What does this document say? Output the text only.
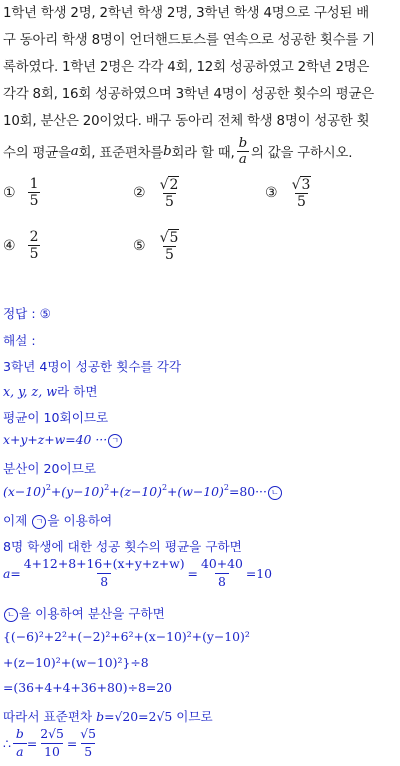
1학년 학생 2명, 2학년 학생 2명, 3학년 학생 4명으로 구성된 배
구 동아리 학생 8명이 언더핸드토스를 연속으로 성공한 횟수를 기
록하였다. 1학년 2명은 각각 4회, 12회 성공하였고 2학년 2명은
각각 8회, 16회 성공하였으며 3학년 4명이 성공한 횟수의 평균은
10회, 분산은 20이었다. 배구 동아리 전체 학생 8명이 성공한 횟
수의 평균을 a 회, 표준편차를 b 회라 할 때, $\frac{b}{a}$ 의 값을 구하시오.
① $\frac{1}{5}$	② $\frac{√ 2}{5}$	③ $\frac{√ 3}{5}$
④ $\frac{2}{5}$	⑤ $\frac{√ 5}{5}$
정답 : ⑤
해설 :
3학년 4명이 성공한 횟수를 각각
x, y, z, w라 하면
평균이 10회이므로
x+y+z+w=40 ··· ㄱ
분산이 20이므로
$(x-10)^2+(y-10)^2+(z-10)^2+(w-10)^2=80\cdot\cdot\cdot$ ㄴ
이제 ㄱ 을 이용하여
8명 학생에 대한 성공 횟수의 평균을 구하면
$a= \frac{4+12+8+16+(x+y+z+w)}{8} = \frac{40+40}{8} =10$
ㄴ 을 이용하여 분산을 구하면
{(−6)²+2²+(−2)²+6²+(x−10)²+(y−10)²
+(z−10)²+(w−10)²}÷8
=(36+4+4+36+80)÷8=20
따라서 표준편차 b=√20=2√5 이므로
∴ $\frac{b}{a} = \frac{2√5}{10} = \frac{√5}{5}$
